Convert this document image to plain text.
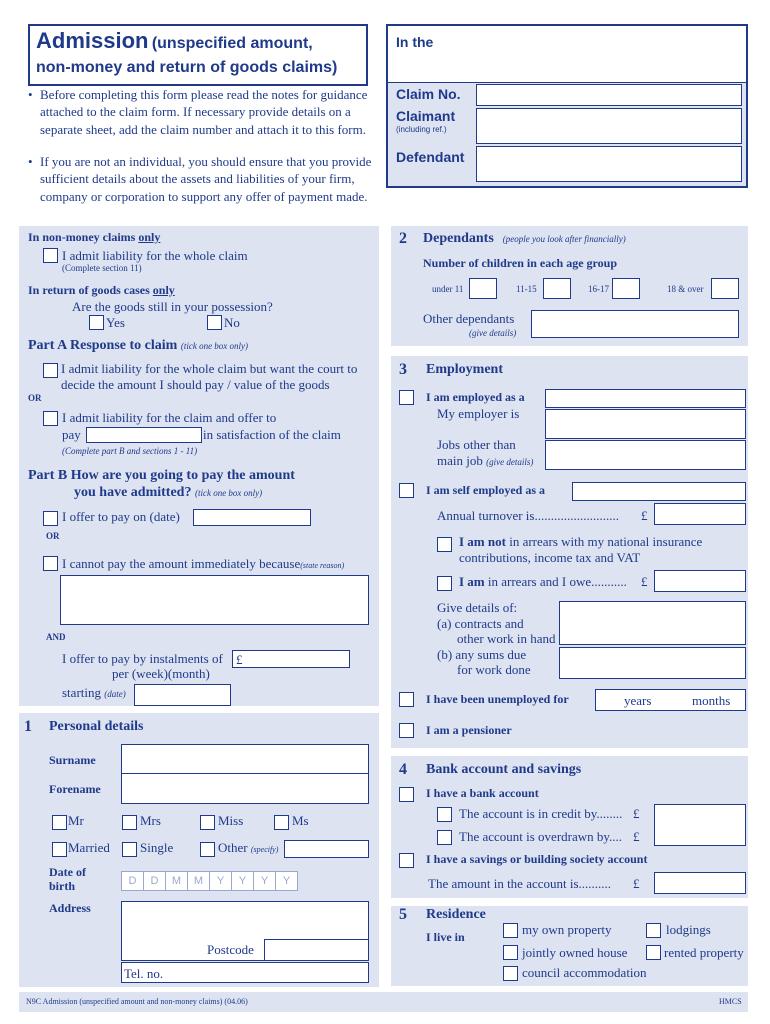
Admission (unspecified amount,
non-money and return of goods claims)
In the
Claim No.
Claimant
(including ref.)
Defendant
• Before completing this form please read the notes for guidance attached to the claim form. If necessary provide details on a separate sheet, add the claim number and attach it to this form.
• If you are not an individual, you should ensure that you provide sufficient details about the assets and liabilities of your firm, company or corporation to support any offer of payment made.
In non-money claims only
I admit liability for the whole claim
(Complete section 11)
In return of goods cases only
Are the goods still in your possession?
Yes	No
Part A Response to claim (tick one box only)
I admit liability for the whole claim but want the court to decide the amount I should pay / value of the goods
OR
I admit liability for the claim and offer to
pay	in satisfaction of the claim
(Complete part B and sections 1 - 11)
Part B How are you going to pay the amount
you have admitted? (tick one box only)
I offer to pay on (date)
OR
I cannot pay the amount immediately because(state reason)
AND
I offer to pay by instalments of £
per (week)(month)
starting (date)
1 Personal details
Surname
Forename
Mr	Mrs	Miss	Ms
Married Single	Other (specify)
Date of
birth	D	D	M	M	Y	Y	Y	Y
Address
Postcode
Tel. no.
2 Dependants (people you look after financially)
Number of children in each age group
under 11	11-15	16-17	18 & over
Other dependants
(give details)
3 Employment
I am employed as a
My employer is
Jobs other than
main job (give details)
I am self employed as a
Annual turnover is.......................... £
I am not in arrears with my national insurance
contributions, income tax and VAT
I am in arrears and I owe........... £
Give details of:
(a) contracts and
other work in hand
(b) any sums due
for work done
I have been unemployed for	years	months
I am a pensioner
4 Bank account and savings
I have a bank account
The account is in credit by........ £
The account is overdrawn by.... £
I have a savings or building society account
The amount in the account is.......... £
5 Residence
I live in	my own property	lodgings
jointly owned house	rented property
council accommodation
N9C Admission (unspecified amount and non-money claims) (04.06)	HMCS
